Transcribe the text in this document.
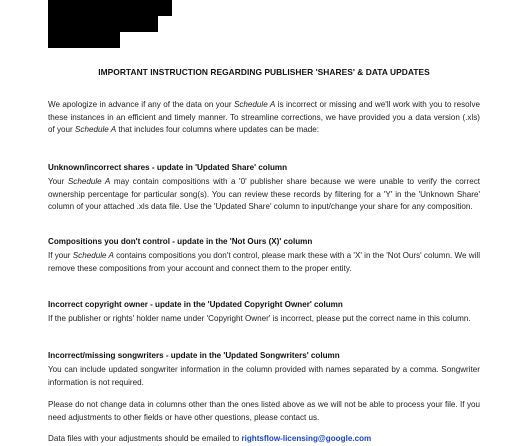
IMPORTANT INSTRUCTION REGARDING PUBLISHER 'SHARES' & DATA UPDATES

We apologize in advance if any of the data on your Schedule A is incorrect or missing and we'll work with you to resolve these instances in an efficient and timely manner. To streamline corrections, we have provided you a data version (.xls) of your Schedule A that includes four columns where updates can be made:

Unknown/incorrect shares - update in 'Updated Share' column

Your Schedule A may contain compositions with a '0' publisher share because we were unable to verify the correct ownership percentage for particular song(s). You can review these records by filtering for a 'Y' in the 'Unknown Share' column of your attached .xls data file. Use the 'Updated Share' column to input/change your share for any composition.

Compositions you don't control - update in the 'Not Ours (X)' column

If your Schedule A contains compositions you don't control, please mark these with a 'X' in the 'Not Ours' column. We will remove these compositions from your account and connect them to the proper entity.

Incorrect copyright owner - update in the 'Updated Copyright Owner' column

If the publisher or rights' holder name under 'Copyright Owner' is incorrect, please put the correct name in this column.

Incorrect/missing songwriters - update in the 'Updated Songwriters' column

You can include updated songwriter information in the column provided with names separated by a comma. Songwriter information is not required.

Please do not change data in columns other than the ones listed above as we will not be able to process your file. If you need adjustments to other fields or have other questions, please contact us.

Data files with your adjustments should be emailed to rightsflow-licensing@google.com
